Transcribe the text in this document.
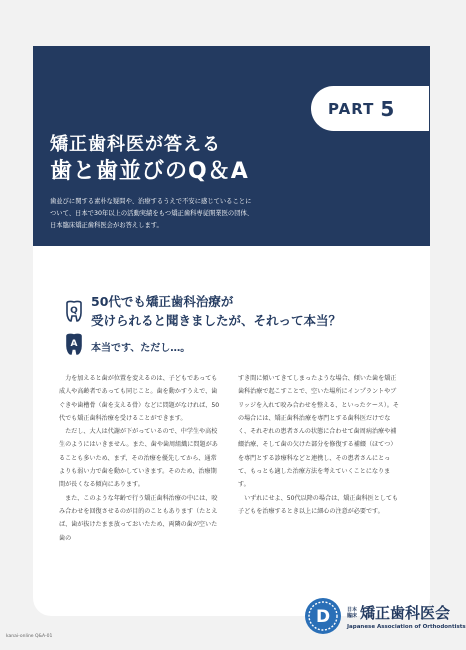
PART 5
矯正歯科医が答える
歯と歯並びのQ＆A
歯並びに関する素朴な疑問や、治療するうえで不安に感じていることに
ついて、日本で30年以上の活動実績をもつ矯正歯科専従開業医の団体、
日本臨床矯正歯科医会がお答えします。
Q
50代でも矯正歯科治療が
受けられると聞きましたが、それって本当？
A 本当です、ただし…。

力を加えると歯が位置を変えるのは、子どもであっても成人や高齢者であっても同じこと。歯を動かすうえで、歯ぐきや歯槽骨（歯を支える骨）などに問題がなければ、50代でも矯正歯科治療を受けることができます。

ただし、大人は代謝が下がっているので、中学生や高校生のようにはいきません。また、歯や歯周組織に問題があることも多いため、まず、その治療を優先してから、通常よりも弱い力で歯を動かしていきます。そのため、治療期間が長くなる傾向にあります。

また、このような年齢で行う矯正歯科治療の中には、咬み合わせを回復させるのが目的のこともあります（たとえば、歯が抜けたまま放っておいたため、両隣の歯が空いた歯の

すき間に傾いてきてしまったような場合、傾いた歯を矯正歯科治療で起こすことで、空いた場所にインプラントやブリッジを入れて咬み合わせを整える、といったケース）。その場合には、矯正歯科治療を専門とする歯科医だけでなく、それぞれの患者さんの状態に合わせて歯周病治療や補綴治療、そして歯の欠けた部分を修復する補綴（ほてつ）を専門とする診療科などと連携し、その患者さんにとって、もっとも適した治療方法を考えていくことになります。

いずれにせよ、50代以降の場合は、矯正歯科医としても子どもを治療するとき以上に細心の注意が必要です。

D	日本
臨床 矯正歯科医会
Japanese Association of Orthodontists
kanai-online Q&A-01
